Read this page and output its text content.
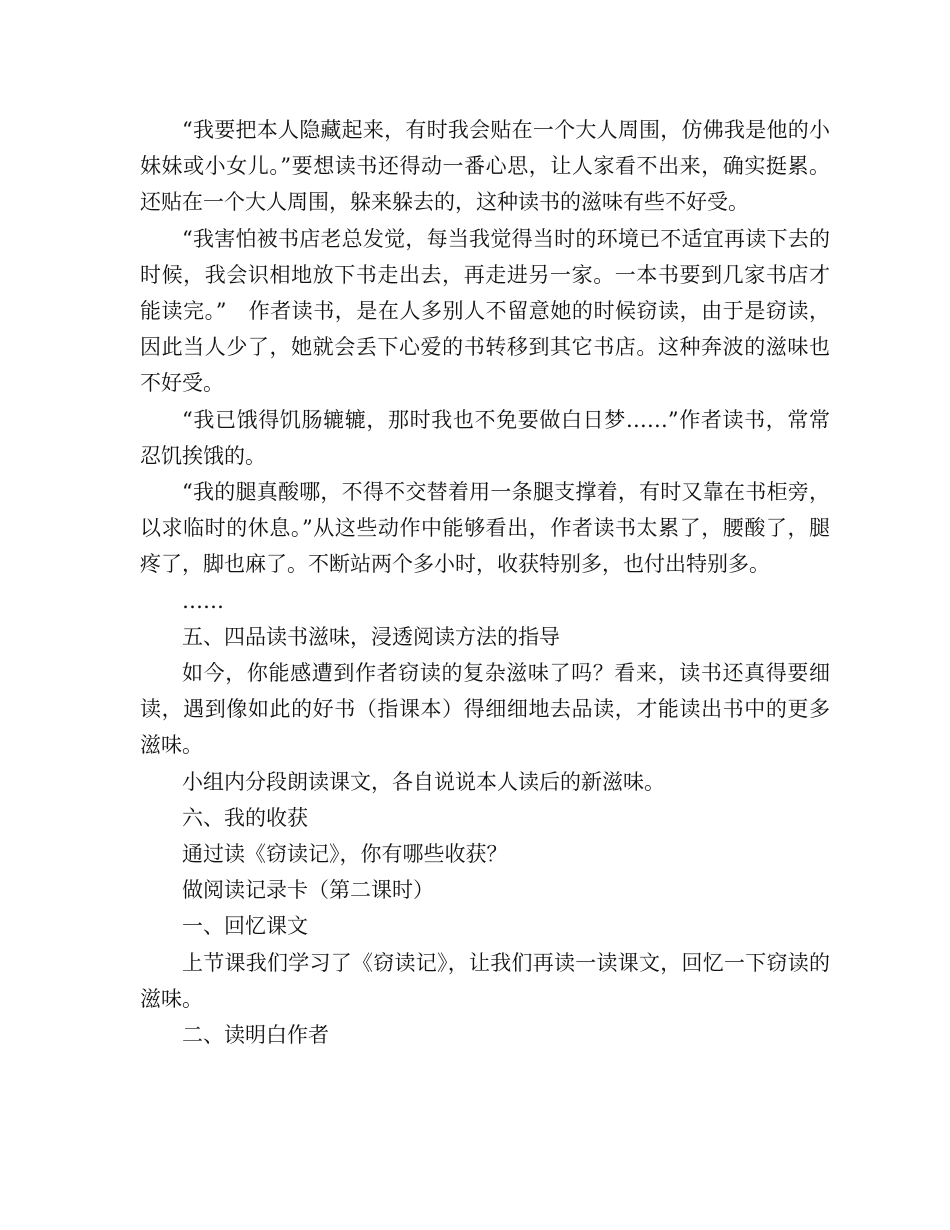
“我要把本人隐藏起来，有时我会贴在一个大人周围，仿佛我是他的小妹妹或小女儿。”要想读书还得动一番心思，让人家看不出来，确实挺累。还贴在一个大人周围，躲来躲去的，这种读书的滋味有些不好受。

“我害怕被书店老总发觉，每当我觉得当时的环境已不适宜再读下去的时候，我会识相地放下书走出去，再走进另一家。一本书要到几家书店才能读完。”　作者读书，是在人多别人不留意她的时候窃读，由于是窃读，因此当人少了，她就会丢下心爱的书转移到其它书店。这种奔波的滋味也不好受。

“我已饿得饥肠辘辘，那时我也不免要做白日梦……”作者读书，常常忍饥挨饿的。

“我的腿真酸哪，不得不交替着用一条腿支撑着，有时又靠在书柜旁，以求临时的休息。”从这些动作中能够看出，作者读书太累了，腰酸了，腿疼了，脚也麻了。不断站两个多小时，收获特别多，也付出特别多。

……

五、四品读书滋味，浸透阅读方法的指导

如今，你能感遭到作者窃读的复杂滋味了吗？看来，读书还真得要细读，遇到像如此的好书（指课本）得细细地去品读，才能读出书中的更多滋味。

小组内分段朗读课文，各自说说本人读后的新滋味。

六、我的收获

通过读《窃读记》，你有哪些收获？

做阅读记录卡（第二课时）

一、回忆课文

上节课我们学习了《窃读记》，让我们再读一读课文，回忆一下窃读的滋味。

二、读明白作者
